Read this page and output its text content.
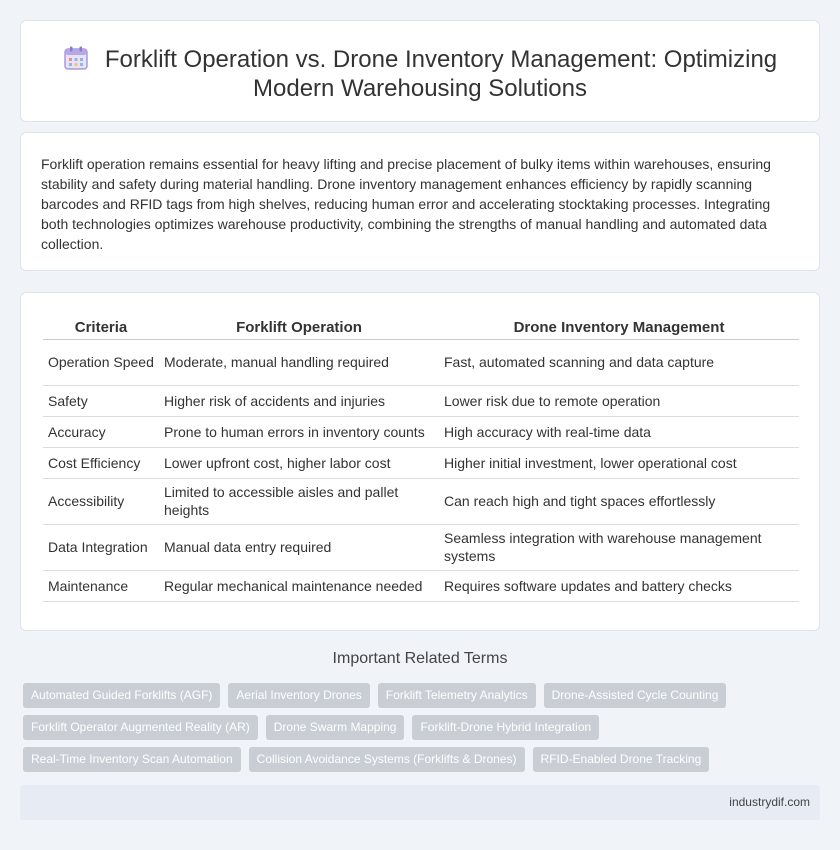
Forklift Operation vs. Drone Inventory Management: Optimizing Modern Warehousing Solutions

Forklift operation remains essential for heavy lifting and precise placement of bulky items within warehouses, ensuring stability and safety during material handling. Drone inventory management enhances efficiency by rapidly scanning barcodes and RFID tags from high shelves, reducing human error and accelerating stocktaking processes. Integrating both technologies optimizes warehouse productivity, combining the strengths of manual handling and automated data collection.

Criteria	Forklift Operation	Drone Inventory Management
Operation Speed	Moderate, manual handling required	Fast, automated scanning and data capture
Safety	Higher risk of accidents and injuries	Lower risk due to remote operation
Accuracy	Prone to human errors in inventory counts	High accuracy with real-time data
Cost Efficiency	Lower upfront cost, higher labor cost	Higher initial investment, lower operational cost
Accessibility	Limited to accessible aisles and pallet heights	Can reach high and tight spaces effortlessly
Data Integration	Manual data entry required	Seamless integration with warehouse management systems
Maintenance	Regular mechanical maintenance needed	Requires software updates and battery checks
Important Related Terms
Automated Guided Forklifts (AGF)	Aerial Inventory Drones	Forklift Telemetry Analytics	Drone-Assisted Cycle Counting
Forklift Operator Augmented Reality (AR)	Drone Swarm Mapping	Forklift-Drone Hybrid Integration
Real-Time Inventory Scan Automation	Collision Avoidance Systems (Forklifts & Drones)	RFID-Enabled Drone Tracking
industrydif.com
